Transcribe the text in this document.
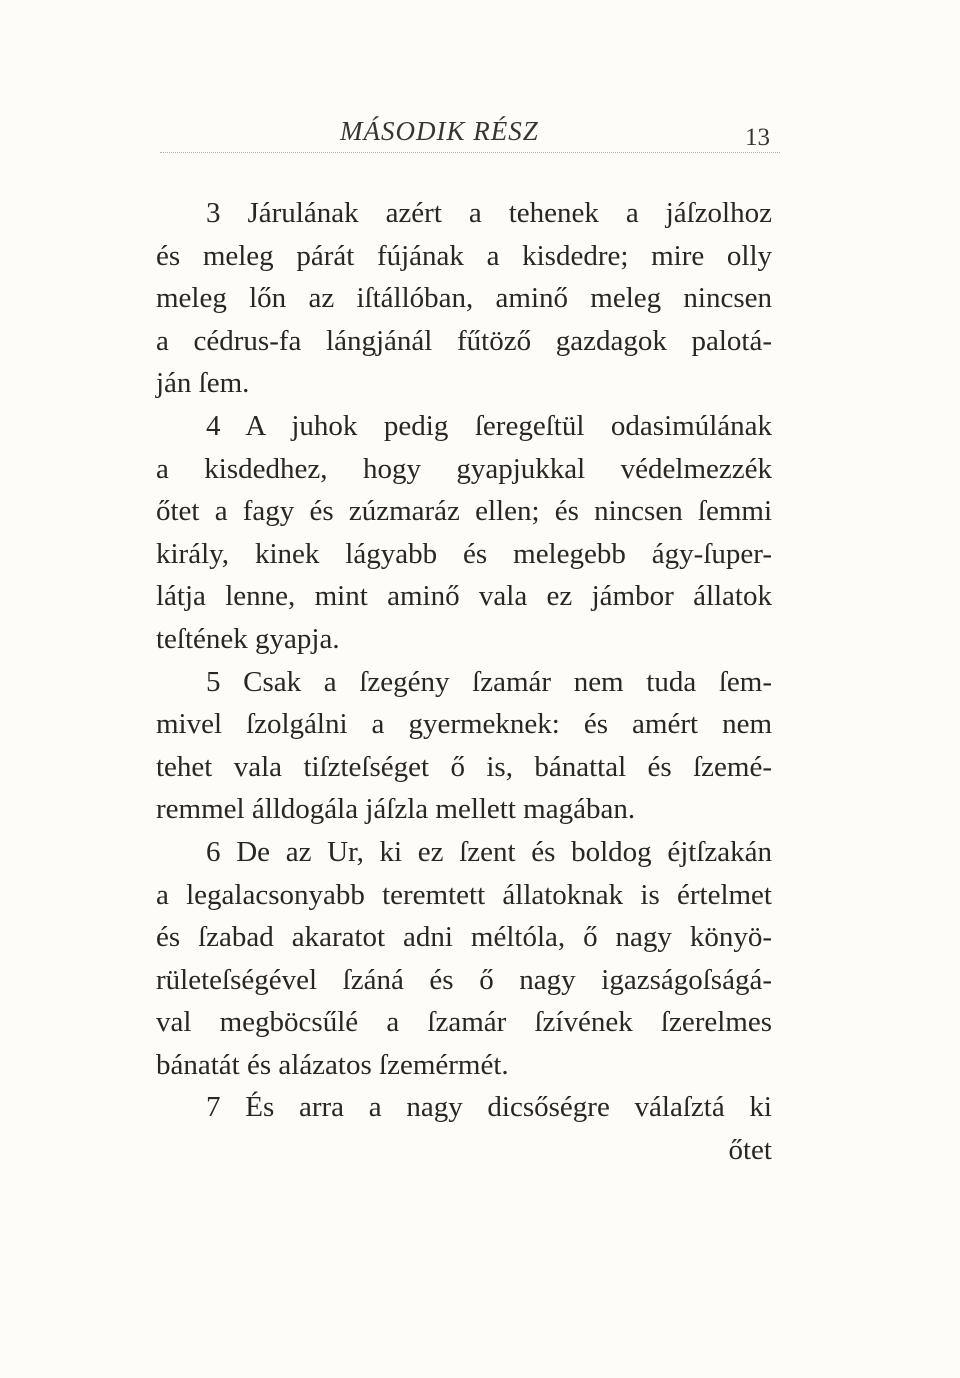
MÁSODIK RÉSZ	13
3 Járulának azért a tehenek a jáſzolhoz
és meleg párát fújának a kisdedre; mire olly
meleg lőn az iſtállóban, aminő meleg nincsen
a cédrus-fa lángjánál fűtöző gazdagok palotá-
ján ſem.
4 A juhok pedig ſeregeſtül odasimúlának
a kisdedhez, hogy gyapjukkal védelmezzék
őtet a fagy és zúzmaráz ellen; és nincsen ſemmi
király, kinek lágyabb és melegebb ágy-ſuper-
látja lenne, mint aminő vala ez jámbor állatok
teſtének gyapja.
5 Csak a ſzegény ſzamár nem tuda ſem-
mivel ſzolgálni a gyermeknek: és amért nem
tehet vala tiſzteſséget ő is, bánattal és ſzemé-
remmel álldogála jáſzla mellett magában.
6 De az Ur, ki ez ſzent és boldog éjtſzakán
a legalacsonyabb teremtett állatoknak is értelmet
és ſzabad akaratot adni méltóla, ő nagy könyö-
rületeſségével ſzáná és ő nagy igazságoſságá-
val megböcsűlé a ſzamár ſzívének ſzerelmes
bánatát és alázatos ſzemérmét.
7 És arra a nagy dicsőségre válaſztá ki
őtet
